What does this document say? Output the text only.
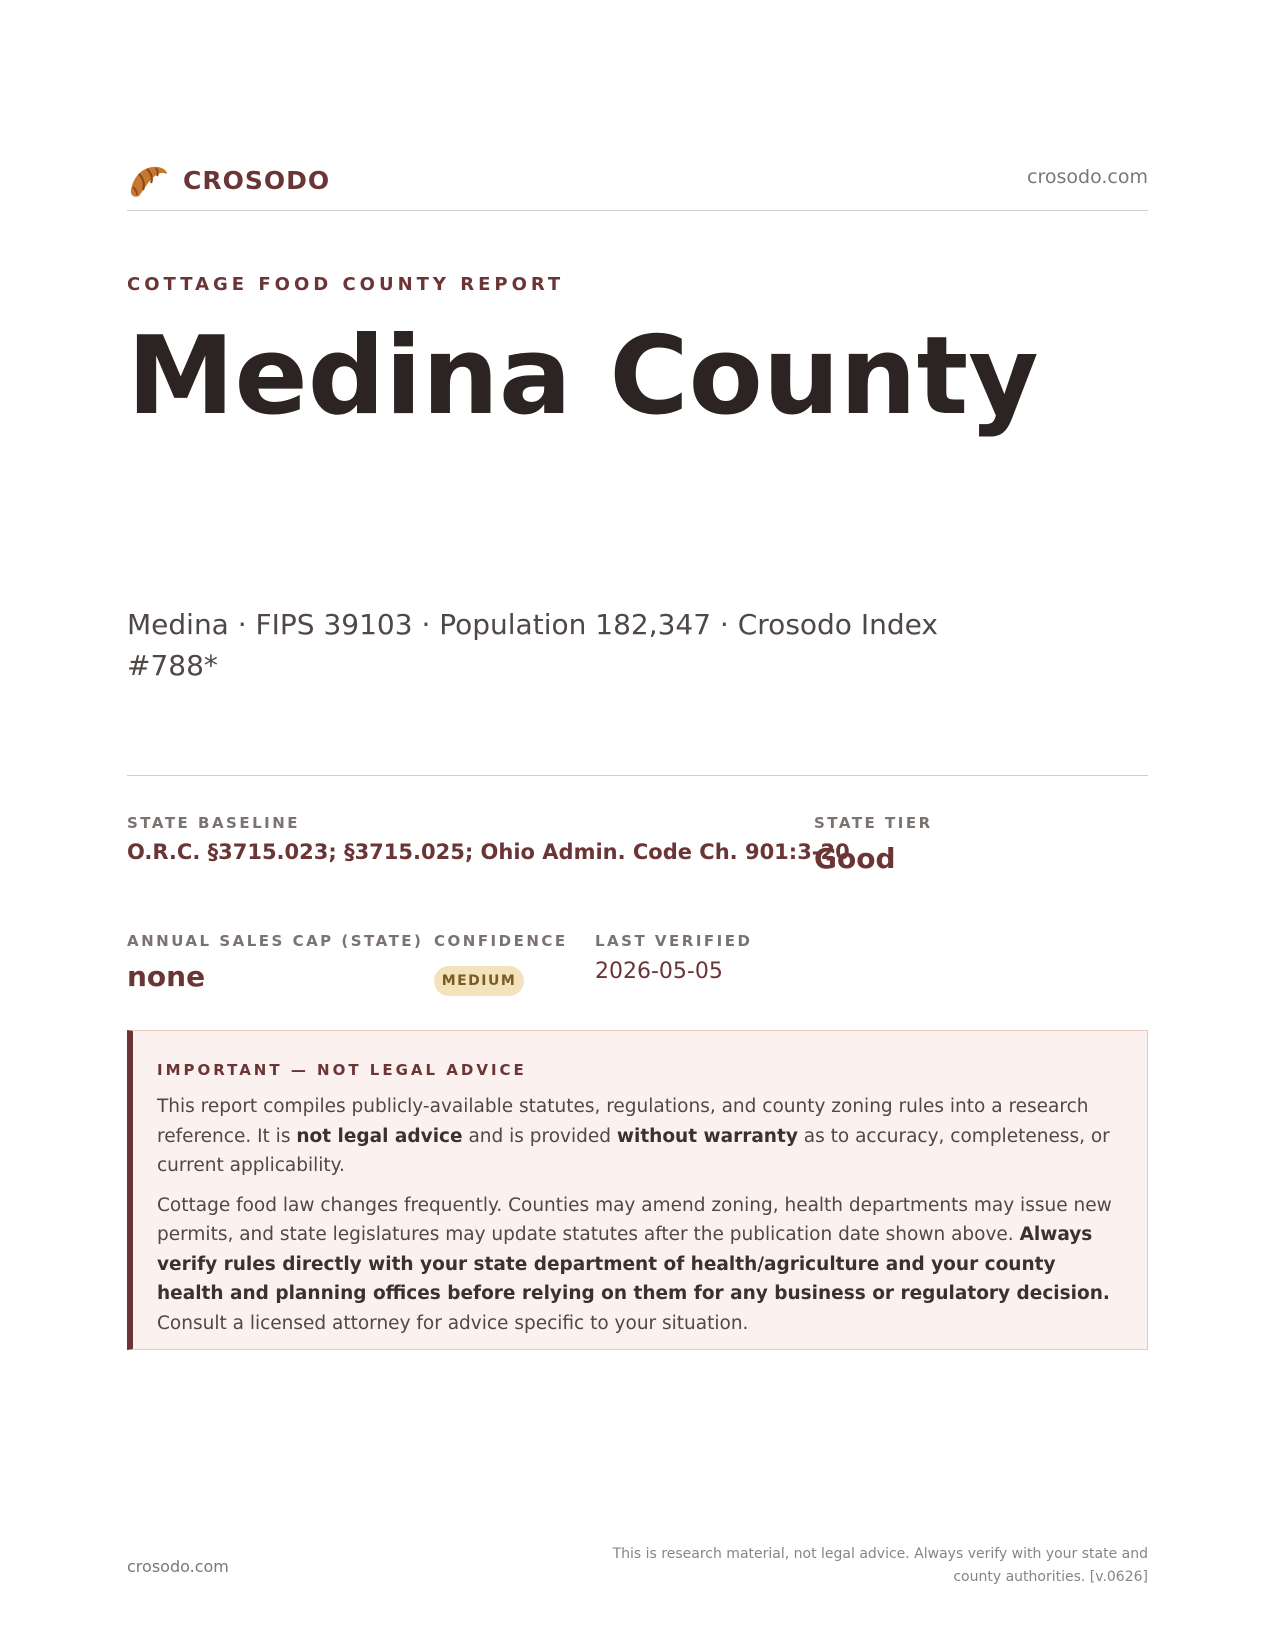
CROSODO	crosodo.com
COTTAGE FOOD COUNTY REPORT
Medina County
Medina · FIPS 39103 · Population 182,347 · Crosodo Index #788*
STATE BASELINE
O.R.C. §3715.023; §3715.025; Ohio Admin. Code Ch. 901:3-20
STATE TIER
Good
ANNUAL SALES CAP (STATE)
none
CONFIDENCE
MEDIUM
LAST VERIFIED
2026-05-05
IMPORTANT — NOT LEGAL ADVICE

This report compiles publicly-available statutes, regulations, and county zoning rules into a research reference. It is not legal advice and is provided without warranty as to accuracy, completeness, or current applicability.

Cottage food law changes frequently. Counties may amend zoning, health departments may issue new permits, and state legislatures may update statutes after the publication date shown above. Always verify rules directly with your state department of health/agriculture and your county health and planning offices before relying on them for any business or regulatory decision. Consult a licensed attorney for advice specific to your situation.

crosodo.com
This is research material, not legal advice. Always verify with your state and county authorities. [v.0626]
